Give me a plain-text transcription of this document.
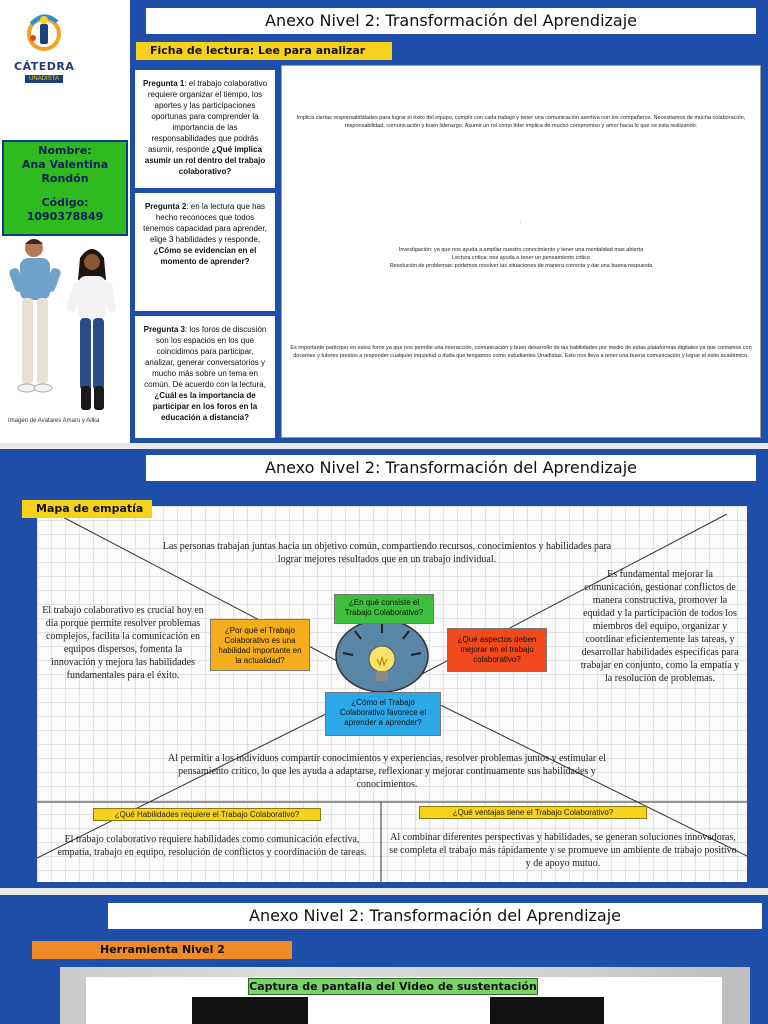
CÁTEDRA
UNADISTA
Nombre:
Ana Valentina
Rondón
Código:
1090378849
Imagen de Avatares Amaru y Allka
Anexo Nivel 2: Transformación del Aprendizaje
Ficha de lectura: Lee para analizar
Pregunta 1: el trabajo colaborativo requiere organizar el tiempo, los aportes y las participaciones oportunas para comprender la importancia de las responsabilidades que podrás asumir, responde ¿Qué implica asumir un rol dentro del trabajo colaborativo?
Pregunta 2: en la lectura que has hecho reconoces que todos tenemos capacidad para aprender, elige 3 habilidades y responde, ¿Cómo se evidencian en el momento de aprender?
Pregunta 3: los foros de discusión son los espacios en los que coincidimos para participar, analizar, generar conversatorios y mucho más sobre un tema en común. De acuerdo con la lectura, ¿Cuál es la importancia de participar en los foros en la educación a distancia?
Implica ciertas responsabilidades para lograr el éxito del equipo, cumplir con cada trabajo y tener una comunicación asertiva con los compañeros. Necesitamos de mucha colaboración, responsabilidad, comunicación y buen liderazgo. Asumir un rol como líder implica de mucho compromiso y amor hacia lo que se esta realizando.
.
Investigación: ya que nos ayuda a ampliar nuestro conocimiento y tener una mentalidad mas abierta
Lectura critica: nos ayuda a tener un pensamiento critico
Resolución de problemas: podemos resolver las situaciones de manera correcta y dar una buena respuesta
Es importante participar en estos foros ya que nos permite una interacción, comunicación y buen desarrollo de las habilidades por medio de estas plataformas digitales ya que contamos con docentes y tutores prestos a responder cualquier inquietud o duda que tengamos como estudiantes Unadistas. Esto nos lleva a tener una buena comunicación y lograr el éxito académico.
Anexo Nivel 2: Transformación del Aprendizaje
Las personas trabajan juntas hacia un objetivo común, compartiendo recursos, conocimientos y habilidades para lograr mejores resultados que en un trabajo individual.
El trabajo colaborativo es crucial hoy en día porque permite resolver problemas complejos, facilita la comunicación en equipos dispersos, fomenta la innovación y mejora las habilidades fundamentales para el éxito.
Es fundamental mejorar la comunicación, gestionar conflictos de manera constructiva, promover la equidad y la participación de todos los miembros del equipo, organizar y coordinar eficientemente las tareas, y desarrollar habilidades específicas para trabajar en conjunto, como la empatía y la resolución de problemas.
Al permitir a los individuos compartir conocimientos y experiencias, resolver problemas juntos y estimular el pensamiento crítico, lo que les ayuda a adaptarse, reflexionar y mejorar continuamente sus habilidades y conocimientos.
¿En qué consiste el Trabajo Colaborativo?
¿Por qué el Trabajo Colaborativo es una habilidad importante en la actualidad?
¿Qué aspectos deben mejorar en el trabajo colaborativo?
¿Cómo el Trabajo Colaborativo favorece el aprender a aprender?
¿Qué Habilidades requiere el Trabajo Colaborativo?	¿Qué ventajas tiene el Trabajo Colaborativo?
El trabajo colaborativo requiere habilidades como comunicación efectiva, empatía, trabajo en equipo, resolución de conflictos y coordinación de tareas.
Al combinar diferentes perspectivas y habilidades, se generan soluciones innovadoras, se completa el trabajo más rápidamente y se promueve un ambiente de trabajo positivo y de apoyo mutuo.
Mapa de empatía
Anexo Nivel 2: Transformación del Aprendizaje
Herramienta Nivel 2
Captura de pantalla del Video de sustentación
